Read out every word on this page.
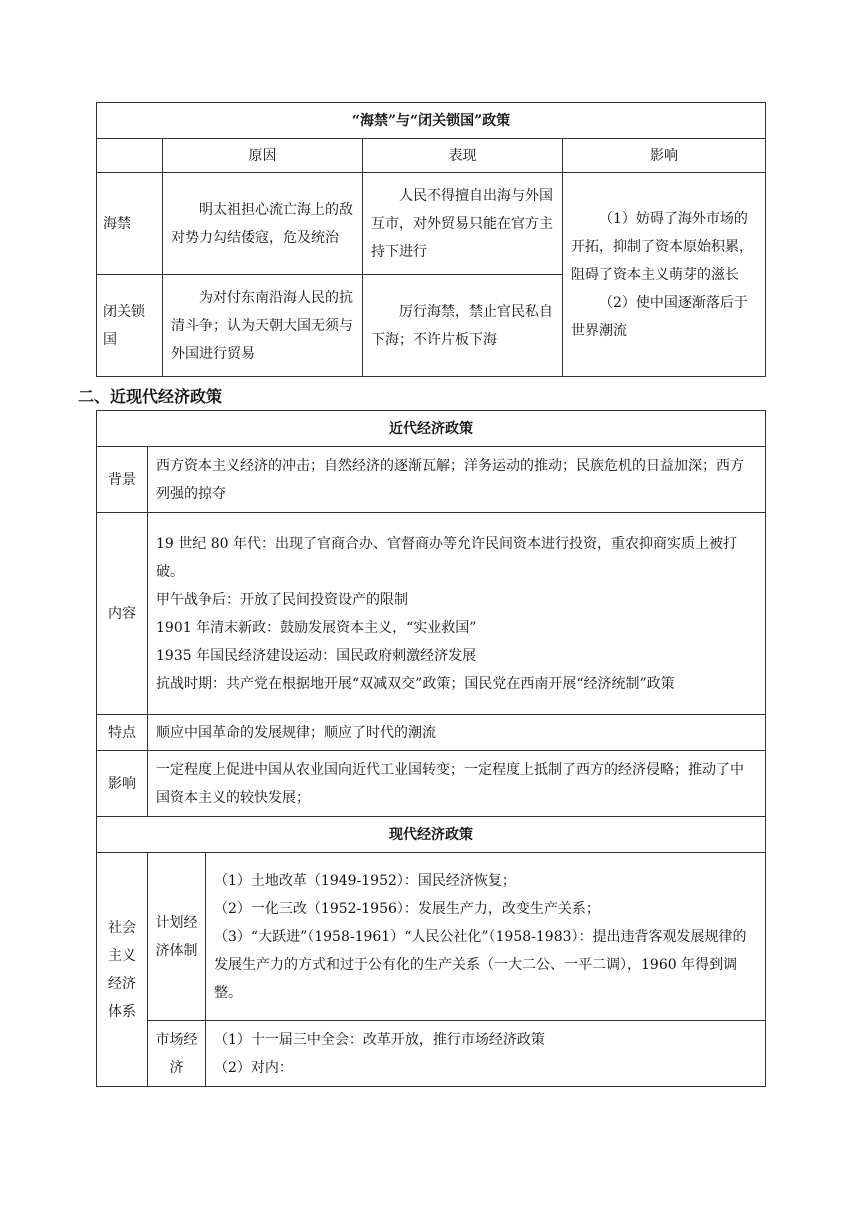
“海禁”与“闭关锁国”政策			
	原因	表现	影响
海禁	明太祖担心流亡海上的敌对势力勾结倭寇，危及统治	人民不得擅自出海与外国互市，对外贸易只能在官方主持下进行	（1）妨碍了海外市场的开拓，抑制了资本原始积累，阻碍了资本主义萌芽的滋长
（2）使中国逐渐落后于世界潮流

闭关锁国	为对付东南沿海人民的抗清斗争；认为天朝大国无须与外国进行贸易	厉行海禁，禁止官民私自下海；不许片板下海	
二、近现代经济政策
近代经济政策		
背景	西方资本主义经济的冲击；自然经济的逐渐瓦解；洋务运动的推动；民族危机的日益加深；西方列强的掠夺	
内容	19 世纪 80 年代：出现了官商合办、官督商办等允许民间资本进行投资，重农抑商实质上被打破。
甲午战争后：开放了民间投资设产的限制
1901 年清末新政：鼓励发展资本主义，“实业救国”
1935 年国民经济建设运动：国民政府刺激经济发展
抗战时期：共产党在根据地开展“双减双交”政策；国民党在西南开展“经济统制”政策	

特点	顺应中国革命的发展规律；顺应了时代的潮流	
影响	一定程度上促进中国从农业国向近代工业国转变；一定程度上抵制了西方的经济侵略；推动了中国资本主义的较快发展；	
现代经济政策		
社会主义经济体系	计划经济体制	（1）土地改革（1949-1952）：国民经济恢复；
（2）一化三改（1952-1956）：发展生产力，改变生产关系；
（3）“大跃进”（1958-1961）“人民公社化”（1958-1983）：提出违背客观发展规律的发展生产力的方式和过于公有化的生产关系（一大二公、一平二调），1960 年得到调整。

	市场经济	（1）十一届三中全会：改革开放，推行市场经济政策
（2）对内：
